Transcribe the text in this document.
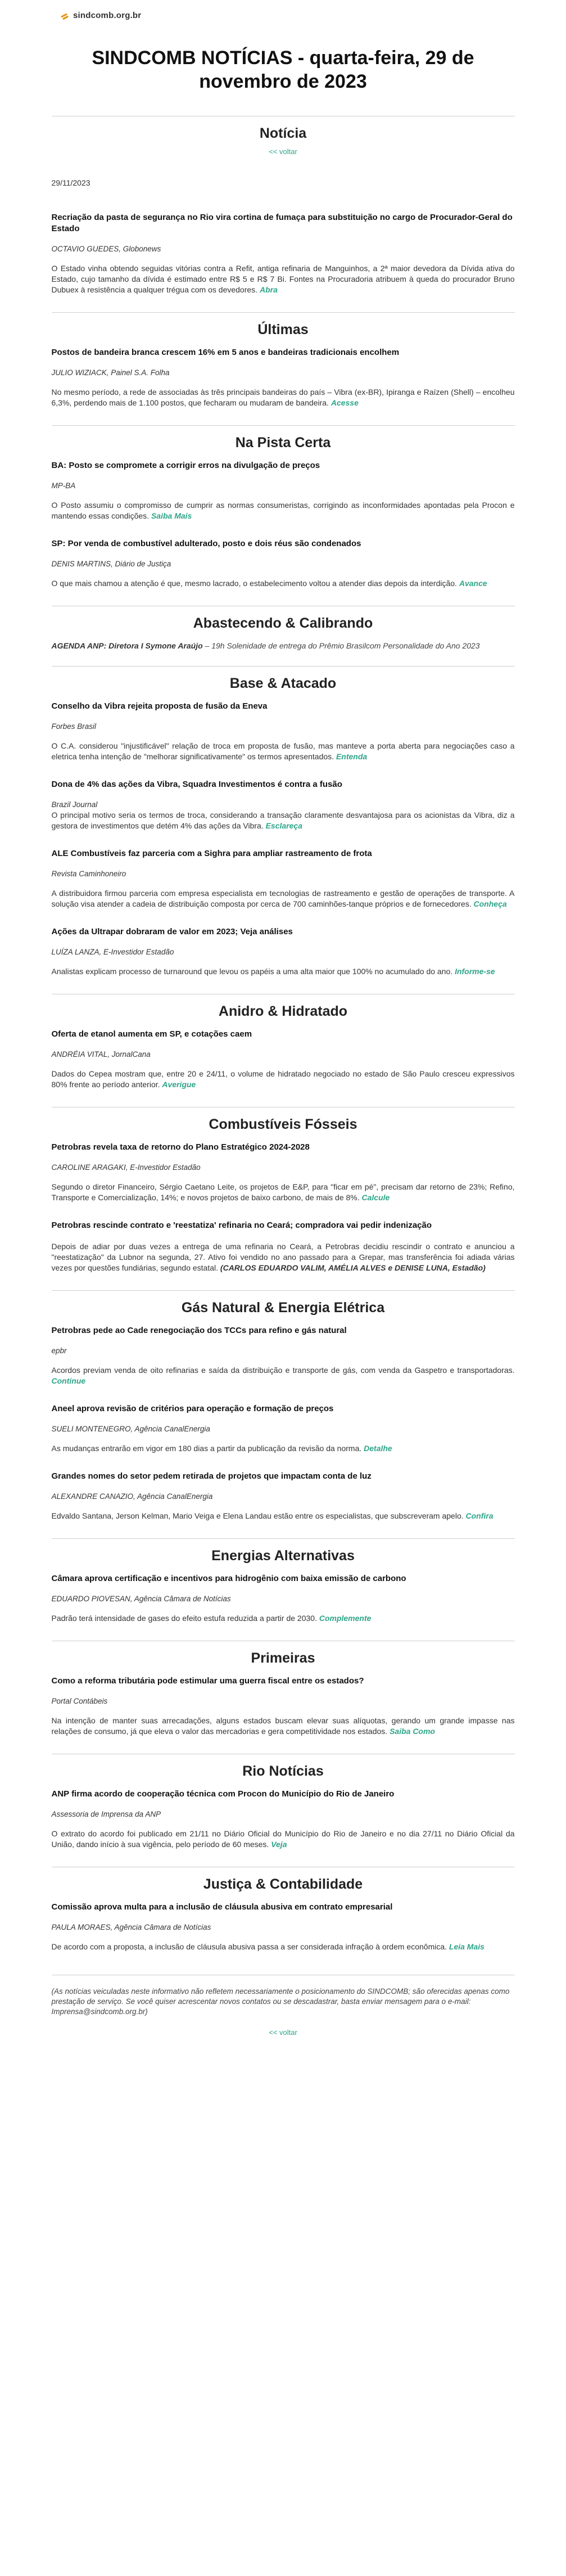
sindcomb.org.br
SINDCOMB NOTÍCIAS - quarta-feira, 29 de novembro de 2023
Notícia
<< voltar
29/11/2023
Recriação da pasta de segurança no Rio vira cortina de fumaça para substituição no cargo de Procurador-Geral do Estado
OCTAVIO GUEDES, Globonews
O Estado vinha obtendo seguidas vitórias contra a Refit, antiga refinaria de Manguinhos, a 2ª maior devedora da Dívida ativa do Estado, cujo tamanho da dívida é estimado entre R$ 5 e R$ 7 Bi. Fontes na Procuradoria atribuem à queda do procurador Bruno Dubuex à resistência a qualquer trégua com os devedores. Abra
Últimas
Postos de bandeira branca crescem 16% em 5 anos e bandeiras tradicionais encolhem
JULIO WIZIACK, Painel S.A. Folha
No mesmo período, a rede de associadas às três principais bandeiras do país – Vibra (ex-BR), Ipiranga e Raízen (Shell) – encolheu 6,3%, perdendo mais de 1.100 postos, que fecharam ou mudaram de bandeira. Acesse
Na Pista Certa
BA: Posto se compromete a corrigir erros na divulgação de preços
MP-BA
O Posto assumiu o compromisso de cumprir as normas consumeristas, corrigindo as inconformidades apontadas pela Procon e mantendo essas condições. Saiba Mais
SP: Por venda de combustível adulterado, posto e dois réus são condenados
DENIS MARTINS, Diário de Justiça
O que mais chamou a atenção é que, mesmo lacrado, o estabelecimento voltou a atender dias depois da interdição. Avance
Abastecendo & Calibrando
AGENDA ANP: Diretora I Symone Araújo – 19h Solenidade de entrega do Prêmio Brasilcom Personalidade do Ano 2023
Base & Atacado
Conselho da Vibra rejeita proposta de fusão da Eneva
Forbes Brasil
O C.A. considerou "injustificável" relação de troca em proposta de fusão, mas manteve a porta aberta para negociações caso a eletrica tenha intenção de "melhorar significativamente" os termos apresentados. Entenda
Dona de 4% das ações da Vibra, Squadra Investimentos é contra a fusão
Brazil Journal
O principal motivo seria os termos de troca, considerando a transação claramente desvantajosa para os acionistas da Vibra, diz a gestora de investimentos que detém 4% das ações da Vibra. Esclareça
ALE Combustíveis faz parceria com a Sighra para ampliar rastreamento de frota
Revista Caminhoneiro
A distribuidora firmou parceria com empresa especialista em tecnologias de rastreamento e gestão de operações de transporte. A solução visa atender a cadeia de distribuição composta por cerca de 700 caminhões-tanque próprios e de fornecedores. Conheça
Ações da Ultrapar dobraram de valor em 2023; Veja análises
LUÍZA LANZA, E-Investidor Estadão
Analistas explicam processo de turnaround que levou os papéis a uma alta maior que 100% no acumulado do ano. Informe-se
Anidro & Hidratado
Oferta de etanol aumenta em SP, e cotações caem
ANDRÉIA VITAL, JornalCana
Dados do Cepea mostram que, entre 20 e 24/11, o volume de hidratado negociado no estado de São Paulo cresceu expressivos 80% frente ao período anterior. Averigue
Combustíveis Fósseis
Petrobras revela taxa de retorno do Plano Estratégico 2024-2028
CAROLINE ARAGAKI, E-Investidor Estadão
Segundo o diretor Financeiro, Sérgio Caetano Leite, os projetos de E&P, para "ficar em pé", precisam dar retorno de 23%; Refino, Transporte e Comercialização, 14%; e novos projetos de baixo carbono, de mais de 8%. Calcule
Petrobras rescinde contrato e 'reestatiza' refinaria no Ceará; compradora vai pedir indenização
Depois de adiar por duas vezes a entrega de uma refinaria no Ceará, a Petrobras decidiu rescindir o contrato e anunciou a "reestatização" da Lubnor na segunda, 27. Ativo foi vendido no ano passado para a Grepar, mas transferência foi adiada várias vezes por questões fundiárias, segundo estatal. (CARLOS EDUARDO VALIM, AMÉLIA ALVES e DENISE LUNA, Estadão)
Gás Natural & Energia Elétrica
Petrobras pede ao Cade renegociação dos TCCs para refino e gás natural
epbr
Acordos previam venda de oito refinarias e saída da distribuição e transporte de gás, com venda da Gaspetro e transportadoras. Continue
Aneel aprova revisão de critérios para operação e formação de preços
SUELI MONTENEGRO, Agência CanalEnergia
As mudanças entrarão em vigor em 180 dias a partir da publicação da revisão da norma. Detalhe
Grandes nomes do setor pedem retirada de projetos que impactam conta de luz
ALEXANDRE CANAZIO, Agência CanalEnergia
Edvaldo Santana, Jerson Kelman, Mario Veiga e Elena Landau estão entre os especialistas, que subscreveram apelo. Confira
Energias Alternativas
Câmara aprova certificação e incentivos para hidrogênio com baixa emissão de carbono
EDUARDO PIOVESAN, Agência Câmara de Notícias
Padrão terá intensidade de gases do efeito estufa reduzida a partir de 2030. Complemente
Primeiras
Como a reforma tributária pode estimular uma guerra fiscal entre os estados?
Portal Contábeis
Na intenção de manter suas arrecadações, alguns estados buscam elevar suas alíquotas, gerando um grande impasse nas relações de consumo, já que eleva o valor das mercadorias e gera competitividade nos estados. Saiba Como
Rio Notícias
ANP firma acordo de cooperação técnica com Procon do Município do Rio de Janeiro
Assessoria de Imprensa da ANP
O extrato do acordo foi publicado em 21/11 no Diário Oficial do Município do Rio de Janeiro e no dia 27/11 no Diário Oficial da União, dando início à sua vigência, pelo período de 60 meses. Veja
Justiça & Contabilidade
Comissão aprova multa para a inclusão de cláusula abusiva em contrato empresarial
PAULA MORAES, Agência Câmara de Notícias
De acordo com a proposta, a inclusão de cláusula abusiva passa a ser considerada infração à ordem econômica. Leia Mais
(As notícias veiculadas neste informativo não refletem necessariamente o posicionamento do SINDCOMB; são oferecidas apenas como prestação de serviço. Se você quiser acrescentar novos contatos ou se descadastrar, basta enviar mensagem para o e-mail: Imprensa@sindcomb.org.br)
<< voltar
